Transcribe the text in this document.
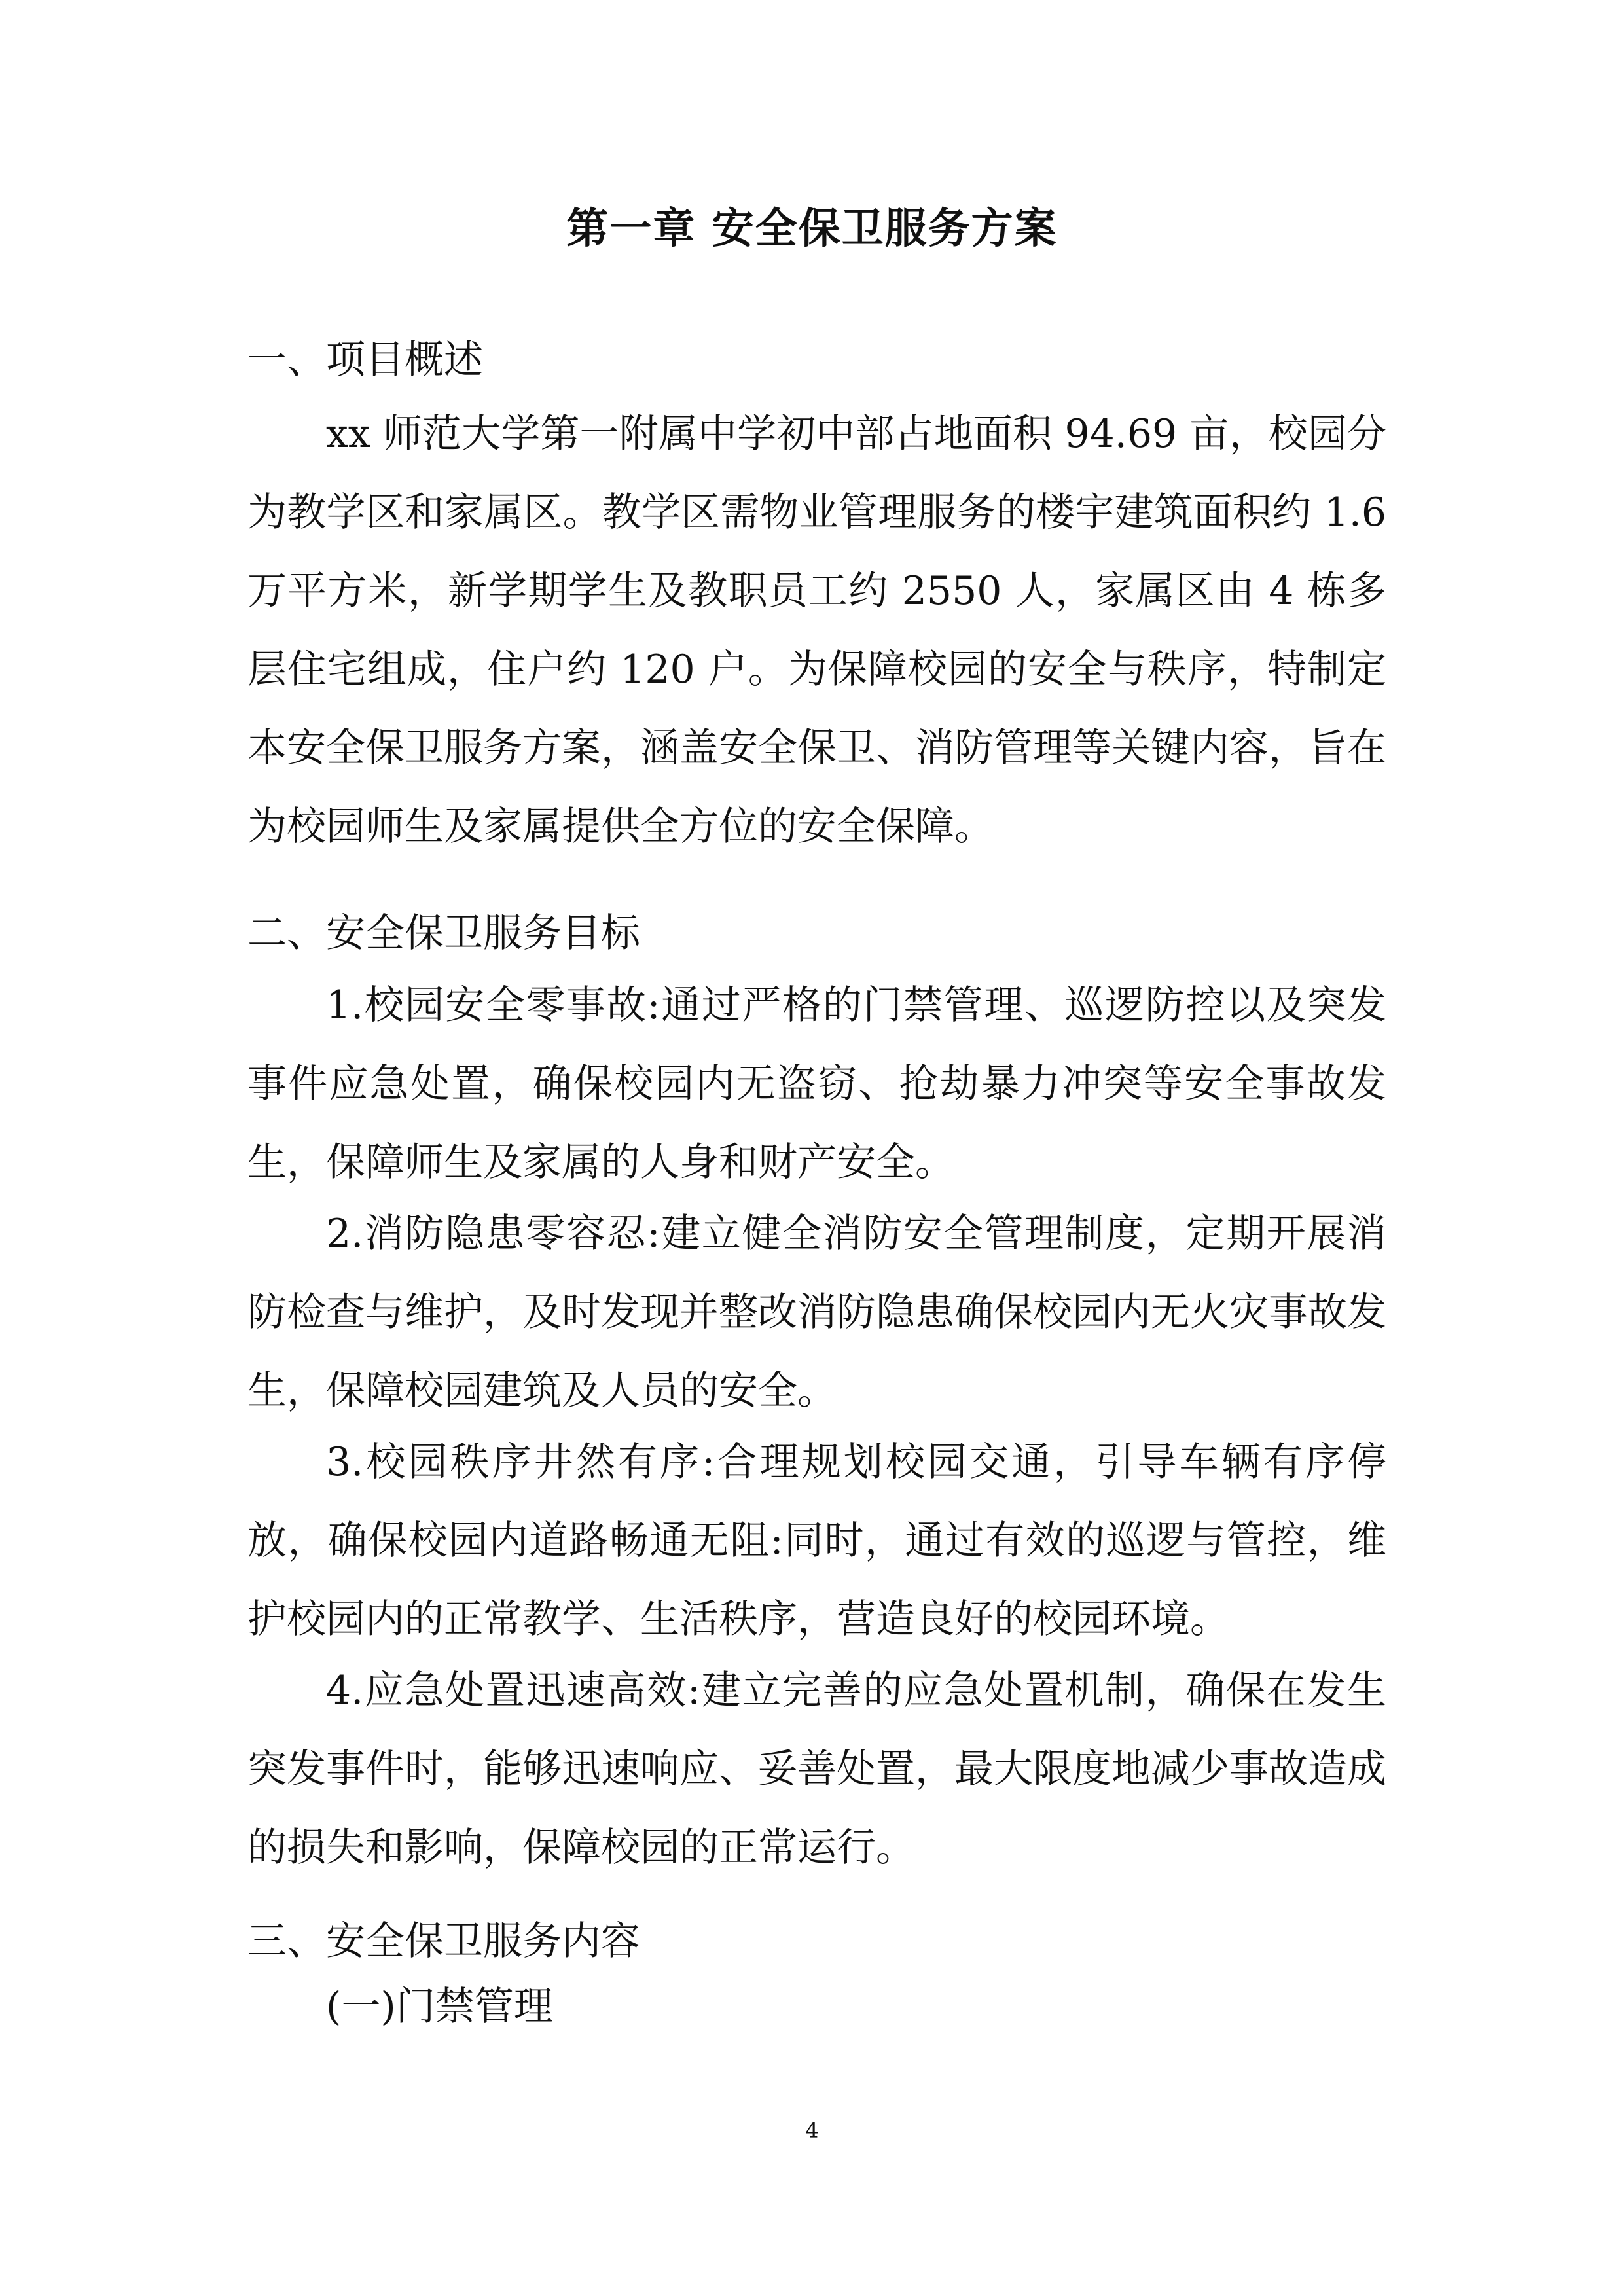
第一章 安全保卫服务方案
一、项目概述
xx 师范大学第一附属中学初中部占地面积 94.69 亩，校园分为教学区和家属区。教学区需物业管理服务的楼宇建筑面积约 1.6 万平方米，新学期学生及教职员工约 2550 人，家属区由 4 栋多层住宅组成，住户约 120 户。为保障校园的安全与秩序，特制定本安全保卫服务方案，涵盖安全保卫、消防管理等关键内容，旨在为校园师生及家属提供全方位的安全保障。
二、安全保卫服务目标
1.校园安全零事故:通过严格的门禁管理、巡逻防控以及突发事件应急处置，确保校园内无盗窃、抢劫暴力冲突等安全事故发生，保障师生及家属的人身和财产安全。
2.消防隐患零容忍:建立健全消防安全管理制度，定期开展消防检查与维护，及时发现并整改消防隐患确保校园内无火灾事故发生，保障校园建筑及人员的安全。
3.校园秩序井然有序:合理规划校园交通，引导车辆有序停放，确保校园内道路畅通无阻:同时，通过有效的巡逻与管控，维护校园内的正常教学、生活秩序，营造良好的校园环境。
4.应急处置迅速高效:建立完善的应急处置机制，确保在发生突发事件时，能够迅速响应、妥善处置，最大限度地减少事故造成的损失和影响，保障校园的正常运行。
三、安全保卫服务内容
(一)门禁管理
4
